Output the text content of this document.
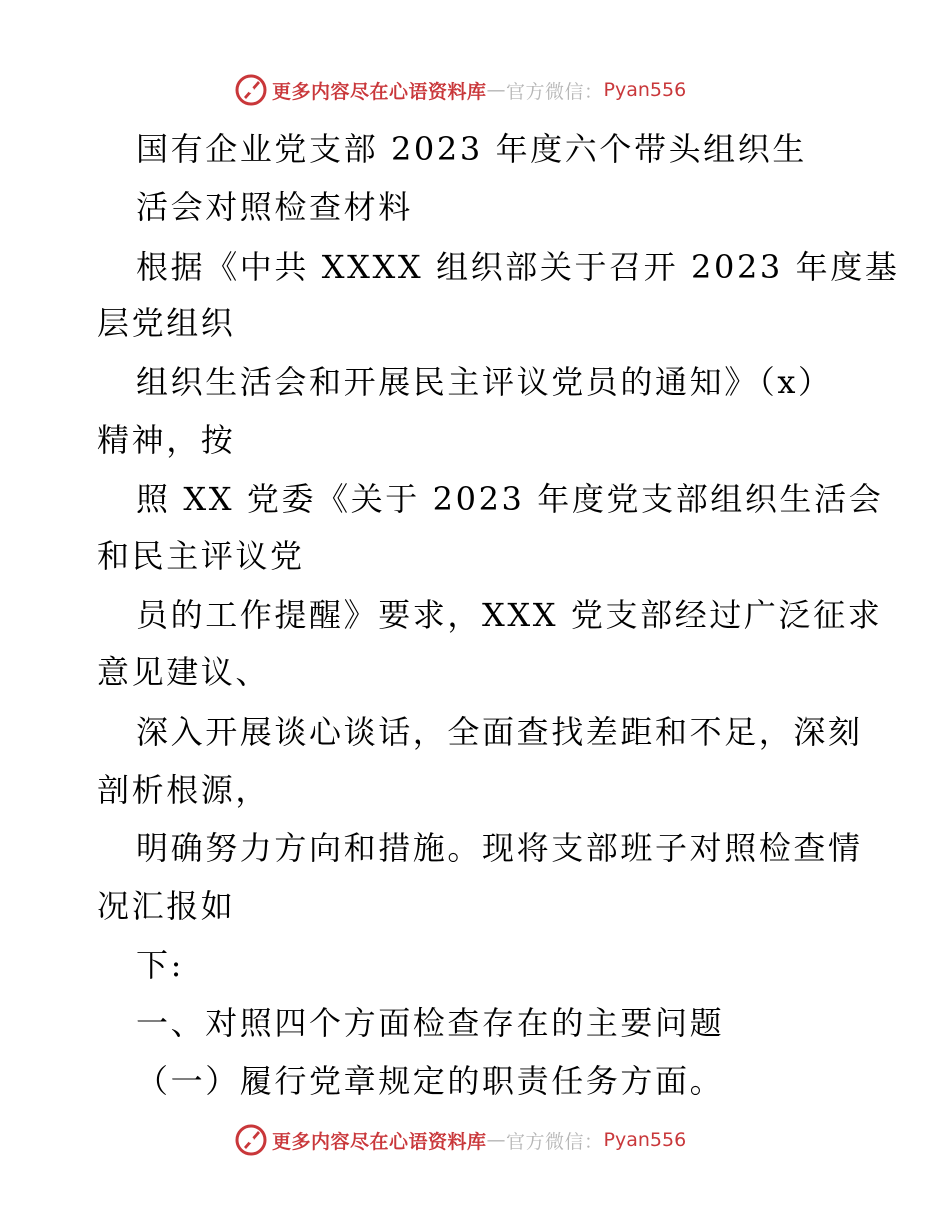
更多内容尽在心语资料库 — 官方微信： Pyan556
国有企业党支部 2023 年度六个带头组织生
活会对照检查材料
根据《中共 XXXX 组织部关于召开 2023 年度基
层党组织
组织生活会和开展民主评议党员的通知》（x）
精神，按
照 XX 党委《关于 2023 年度党支部组织生活会
和民主评议党
员的工作提醒》要求，XXX 党支部经过广泛征求
意见建议、
深入开展谈心谈话，全面查找差距和不足，深刻
剖析根源，
明确努力方向和措施。现将支部班子对照检查情
况汇报如
下:
一、对照四个方面检查存在的主要问题
（一）履行党章规定的职责任务方面。
更多内容尽在心语资料库 — 官方微信： Pyan556
